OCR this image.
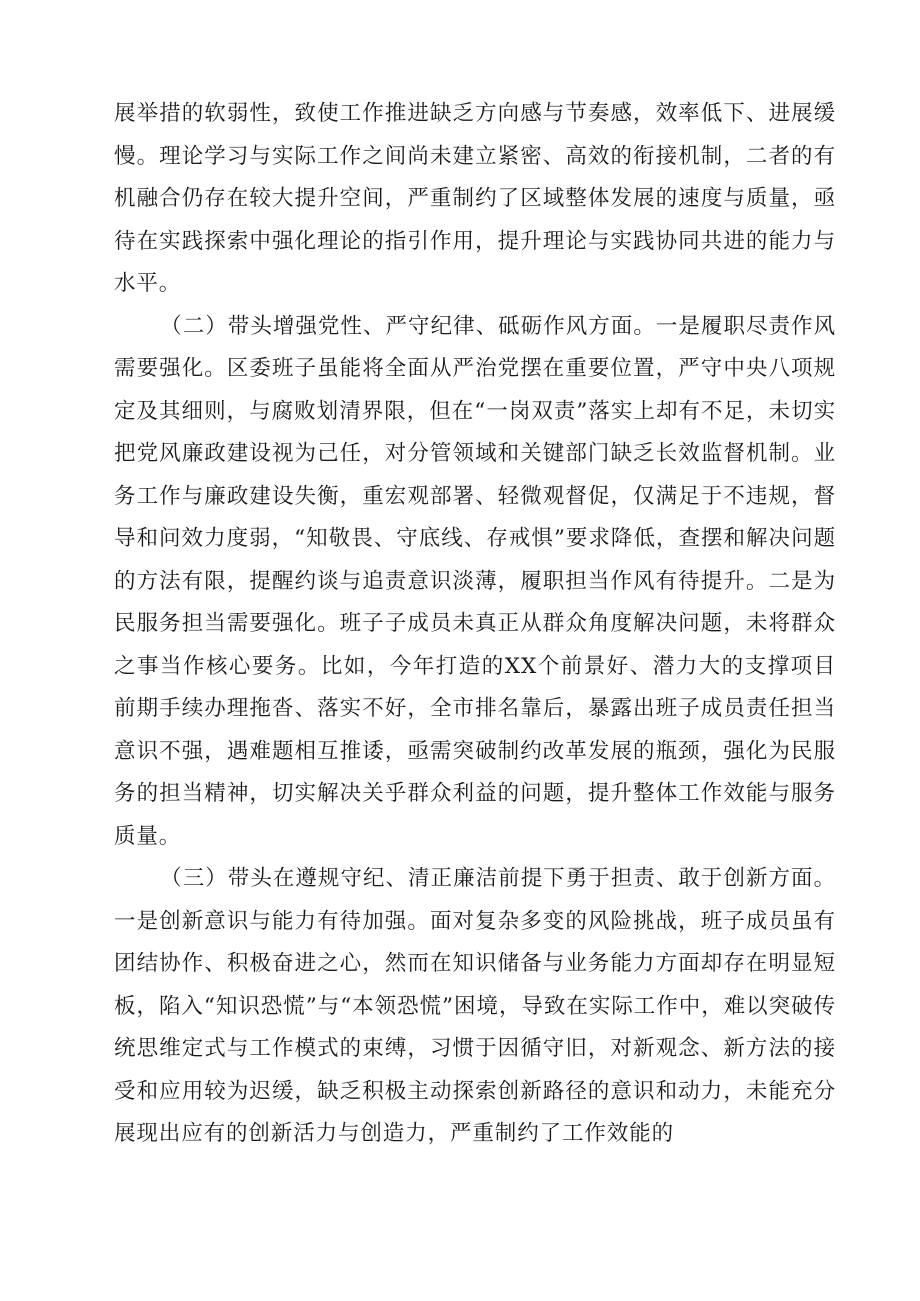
展举措的软弱性，致使工作推进缺乏方向感与节奏感，效率低下、进展缓慢。理论学习与实际工作之间尚未建立紧密、高效的衔接机制，二者的有机融合仍存在较大提升空间，严重制约了区域整体发展的速度与质量，亟待在实践探索中强化理论的指引作用，提升理论与实践协同共进的能力与水平。

（二）带头增强党性、严守纪律、砥砺作风方面。一是履职尽责作风需要强化。区委班子虽能将全面从严治党摆在重要位置，严守中央八项规定及其细则，与腐败划清界限，但在“一岗双责”落实上却有不足，未切实把党风廉政建设视为己任，对分管领域和关键部门缺乏长效监督机制。业务工作与廉政建设失衡，重宏观部署、轻微观督促，仅满足于不违规，督导和问效力度弱，“知敬畏、守底线、存戒惧”要求降低，查摆和解决问题的方法有限，提醒约谈与追责意识淡薄，履职担当作风有待提升。二是为民服务担当需要强化。班子子成员未真正从群众角度解决问题，未将群众之事当作核心要务。比如，今年打造的XX个前景好、潜力大的支撑项目前期手续办理拖沓、落实不好，全市排名靠后，暴露出班子成员责任担当意识不强，遇难题相互推诿，亟需突破制约改革发展的瓶颈，强化为民服务的担当精神，切实解决关乎群众利益的问题，提升整体工作效能与服务质量。

（三）带头在遵规守纪、清正廉洁前提下勇于担责、敢于创新方面。一是创新意识与能力有待加强。面对复杂多变的风险挑战，班子成员虽有团结协作、积极奋进之心，然而在知识储备与业务能力方面却存在明显短板，陷入“知识恐慌”与“本领恐慌”困境，导致在实际工作中，难以突破传统思维定式与工作模式的束缚，习惯于因循守旧，对新观念、新方法的接受和应用较为迟缓，缺乏积极主动探索创新路径的意识和动力，未能充分展现出应有的创新活力与创造力，严重制约了工作效能的
